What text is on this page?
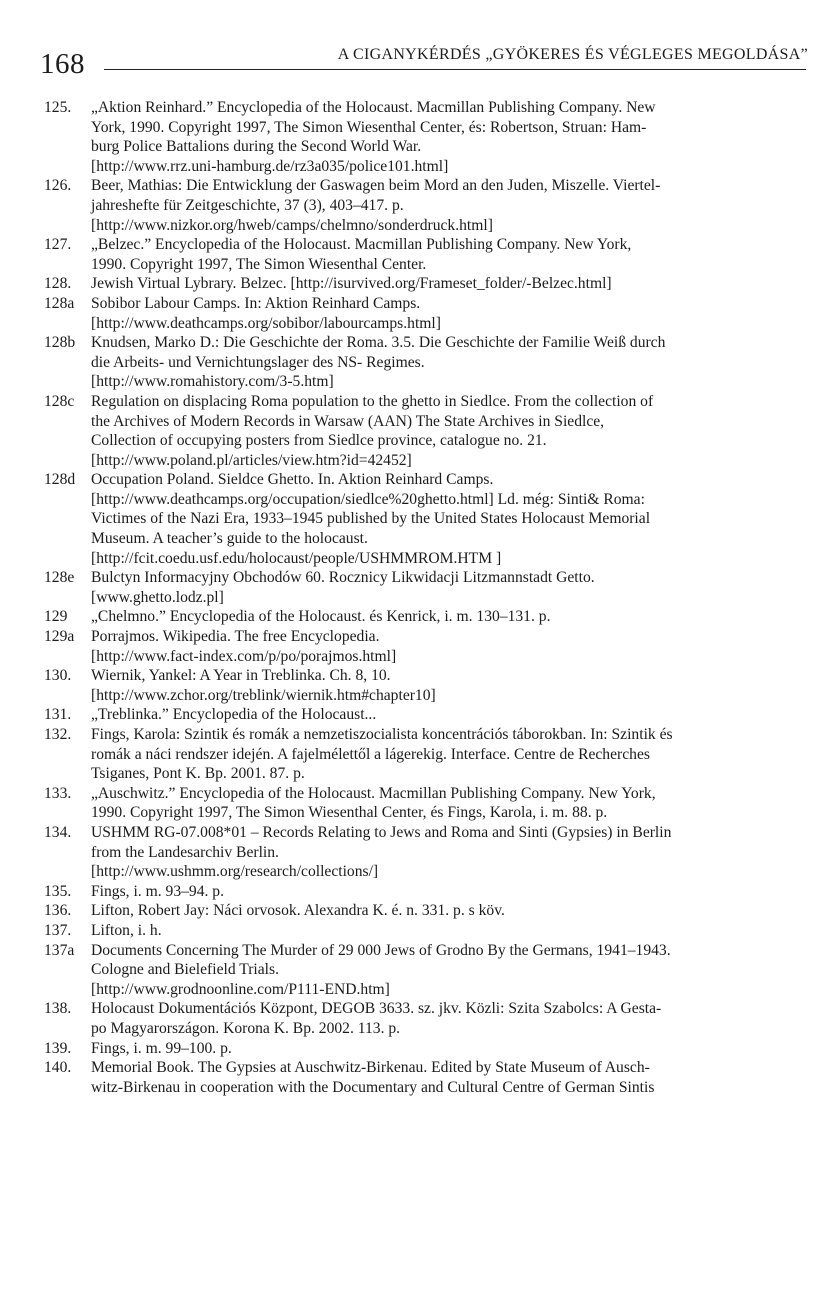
168	A CIGANYKÉRDÉS „GYÖKERES ÉS VÉGLEGES MEGOLDÁSA”
125.	„Aktion Reinhard.” Encyclopedia of the Holocaust. Macmillan Publishing Company. New
York, 1990. Copyright 1997, The Simon Wiesenthal Center, és: Robertson, Struan: Ham-
burg Police Battalions during the Second World War.
[http://www.rrz.uni-hamburg.de/rz3a035/police101.html]
126.	Beer, Mathias: Die Entwicklung der Gaswagen beim Mord an den Juden, Miszelle. Viertel-
jahreshefte für Zeitgeschichte, 37 (3), 403–417. p.
[http://www.nizkor.org/hweb/camps/chelmno/sonderdruck.html]
127.	„Belzec.” Encyclopedia of the Holocaust. Macmillan Publishing Company. New York,
1990. Copyright 1997, The Simon Wiesenthal Center.
128.	Jewish Virtual Lybrary. Belzec. [http://isurvived.org/Frameset_folder/-Belzec.html]
128a	Sobibor Labour Camps. In: Aktion Reinhard Camps.
[http://www.deathcamps.org/sobibor/labourcamps.html]
128b	Knudsen, Marko D.: Die Geschichte der Roma. 3.5. Die Geschichte der Familie Weiß durch
die Arbeits- und Vernichtungslager des NS- Regimes.
[http://www.romahistory.com/3-5.htm]
128c	Regulation on displacing Roma population to the ghetto in Siedlce. From the collection of
the Archives of Modern Records in Warsaw (AAN) The State Archives in Siedlce,
Collection of occupying posters from Siedlce province, catalogue no. 21.
[http://www.poland.pl/articles/view.htm?id=42452]
128d	Occupation Poland. Sieldce Ghetto. In. Aktion Reinhard Camps.
[http://www.deathcamps.org/occupation/siedlce%20ghetto.html] Ld. még: Sinti& Roma:
Victimes of the Nazi Era, 1933–1945 published by the United States Holocaust Memorial
Museum. A teacher’s guide to the holocaust.
[http://fcit.coedu.usf.edu/holocaust/people/USHMMROM.HTM ]
128e	Bulctyn Informacyjny Obchodów 60. Rocznicy Likwidacji Litzmannstadt Getto.
[www.ghetto.lodz.pl]
129	„Chelmno.” Encyclopedia of the Holocaust. és Kenrick, i. m. 130–131. p.
129a	Porrajmos. Wikipedia. The free Encyclopedia.
[http://www.fact-index.com/p/po/porajmos.html]
130.	Wiernik, Yankel: A Year in Treblinka. Ch. 8, 10.
[http://www.zchor.org/treblink/wiernik.htm#chapter10]
131.	„Treblinka.” Encyclopedia of the Holocaust...
132.	Fings, Karola: Szintik és romák a nemzetiszocialista koncentrációs táborokban. In: Szintik és
romák a náci rendszer idején. A fajelmélettől a lágerekig. Interface. Centre de Recherches
Tsiganes, Pont K. Bp. 2001. 87. p.
133.	„Auschwitz.” Encyclopedia of the Holocaust. Macmillan Publishing Company. New York,
1990. Copyright 1997, The Simon Wiesenthal Center, és Fings, Karola, i. m. 88. p.
134.	USHMM RG-07.008*01 – Records Relating to Jews and Roma and Sinti (Gypsies) in Berlin
from the Landesarchiv Berlin.
[http://www.ushmm.org/research/collections/]
135.	Fings, i. m. 93–94. p.
136.	Lifton, Robert Jay: Náci orvosok. Alexandra K. é. n. 331. p. s köv.
137.	Lifton, i. h.
137a	Documents Concerning The Murder of 29 000 Jews of Grodno By the Germans, 1941–1943.
Cologne and Bielefield Trials.
[http://www.grodnoonline.com/P111-END.htm]
138.	Holocaust Dokumentációs Központ, DEGOB 3633. sz. jkv. Közli: Szita Szabolcs: A Gesta-
po Magyarországon. Korona K. Bp. 2002. 113. p.
139.	Fings, i. m. 99–100. p.
140.	Memorial Book. The Gypsies at Auschwitz-Birkenau. Edited by State Museum of Ausch-
witz-Birkenau in cooperation with the Documentary and Cultural Centre of German Sintis
